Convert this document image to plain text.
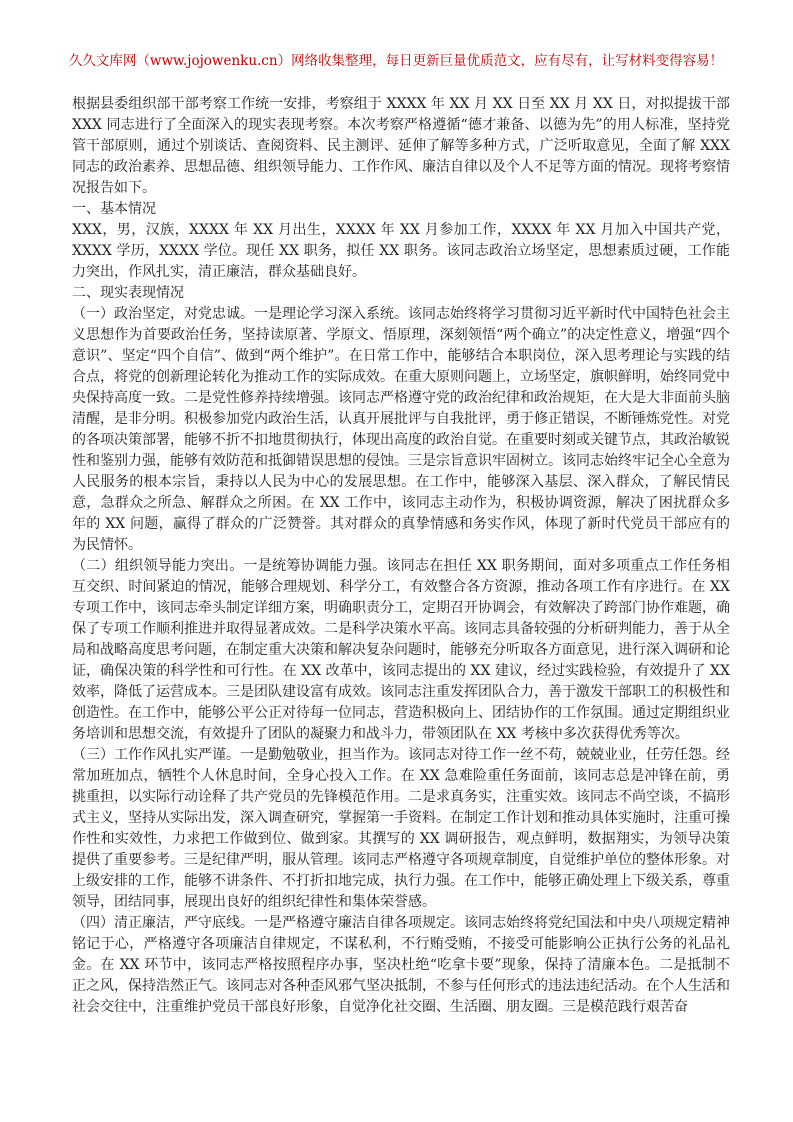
久久文库网（www.jojowenku.cn）网络收集整理，每日更新巨量优质范文，应有尽有，让写材料变得容易！

根据县委组织部干部考察工作统一安排，考察组于 XXXX 年 XX 月 XX 日至 XX 月 XX 日，对拟提拔干部 XXX 同志进行了全面深入的现实表现考察。本次考察严格遵循“德才兼备、以德为先”的用人标准，坚持党管干部原则，通过个别谈话、查阅资料、民主测评、延伸了解等多种方式，广泛听取意见，全面了解 XXX 同志的政治素养、思想品德、组织领导能力、工作作风、廉洁自律以及个人不足等方面的情况。现将考察情况报告如下。

一、基本情况

XXX，男，汉族，XXXX 年 XX 月出生，XXXX 年 XX 月参加工作，XXXX 年 XX 月加入中国共产党，XXXX 学历，XXXX 学位。现任 XX 职务，拟任 XX 职务。该同志政治立场坚定，思想素质过硬，工作能力突出，作风扎实，清正廉洁，群众基础良好。

二、现实表现情况

（一）政治坚定，对党忠诚。一是理论学习深入系统。该同志始终将学习贯彻习近平新时代中国特色社会主义思想作为首要政治任务，坚持读原著、学原文、悟原理，深刻领悟“两个确立”的决定性意义，增强“四个意识”、坚定“四个自信”、做到“两个维护”。在日常工作中，能够结合本职岗位，深入思考理论与实践的结合点，将党的创新理论转化为推动工作的实际成效。在重大原则问题上，立场坚定，旗帜鲜明，始终同党中央保持高度一致。二是党性修养持续增强。该同志严格遵守党的政治纪律和政治规矩，在大是大非面前头脑清醒，是非分明。积极参加党内政治生活，认真开展批评与自我批评，勇于修正错误，不断锤炼党性。对党的各项决策部署，能够不折不扣地贯彻执行，体现出高度的政治自觉。在重要时刻或关键节点，其政治敏锐性和鉴别力强，能够有效防范和抵御错误思想的侵蚀。三是宗旨意识牢固树立。该同志始终牢记全心全意为人民服务的根本宗旨，秉持以人民为中心的发展思想。在工作中，能够深入基层、深入群众，了解民情民意，急群众之所急、解群众之所困。在 XX 工作中，该同志主动作为，积极协调资源，解决了困扰群众多年的 XX 问题，赢得了群众的广泛赞誉。其对群众的真挚情感和务实作风，体现了新时代党员干部应有的为民情怀。

（二）组织领导能力突出。一是统筹协调能力强。该同志在担任 XX 职务期间，面对多项重点工作任务相互交织、时间紧迫的情况，能够合理规划、科学分工，有效整合各方资源，推动各项工作有序进行。在 XX 专项工作中，该同志牵头制定详细方案，明确职责分工，定期召开协调会，有效解决了跨部门协作难题，确保了专项工作顺利推进并取得显著成效。二是科学决策水平高。该同志具备较强的分析研判能力，善于从全局和战略高度思考问题，在制定重大决策和解决复杂问题时，能够充分听取各方面意见，进行深入调研和论证，确保决策的科学性和可行性。在 XX 改革中，该同志提出的 XX 建议，经过实践检验，有效提升了 XX 效率，降低了运营成本。三是团队建设富有成效。该同志注重发挥团队合力，善于激发干部职工的积极性和创造性。在工作中，能够公平公正对待每一位同志，营造积极向上、团结协作的工作氛围。通过定期组织业务培训和思想交流，有效提升了团队的凝聚力和战斗力，带领团队在 XX 考核中多次获得优秀等次。

（三）工作作风扎实严谨。一是勤勉敬业，担当作为。该同志对待工作一丝不苟，兢兢业业，任劳任怨。经常加班加点，牺牲个人休息时间，全身心投入工作。在 XX 急难险重任务面前，该同志总是冲锋在前，勇挑重担，以实际行动诠释了共产党员的先锋模范作用。二是求真务实，注重实效。该同志不尚空谈，不搞形式主义，坚持从实际出发，深入调查研究，掌握第一手资料。在制定工作计划和推动具体实施时，注重可操作性和实效性，力求把工作做到位、做到家。其撰写的 XX 调研报告，观点鲜明，数据翔实，为领导决策提供了重要参考。三是纪律严明，服从管理。该同志严格遵守各项规章制度，自觉维护单位的整体形象。对上级安排的工作，能够不讲条件、不打折扣地完成，执行力强。在工作中，能够正确处理上下级关系，尊重领导，团结同事，展现出良好的组织纪律性和集体荣誉感。

（四）清正廉洁，严守底线。一是严格遵守廉洁自律各项规定。该同志始终将党纪国法和中央八项规定精神铭记于心，严格遵守各项廉洁自律规定，不谋私利，不行贿受贿，不接受可能影响公正执行公务的礼品礼金。在 XX 环节中，该同志严格按照程序办事，坚决杜绝“吃拿卡要”现象，保持了清廉本色。二是抵制不正之风，保持浩然正气。该同志对各种歪风邪气坚决抵制，不参与任何形式的违法违纪活动。在个人生活和社会交往中，注重维护党员干部良好形象，自觉净化社交圈、生活圈、朋友圈。三是模范践行艰苦奋
